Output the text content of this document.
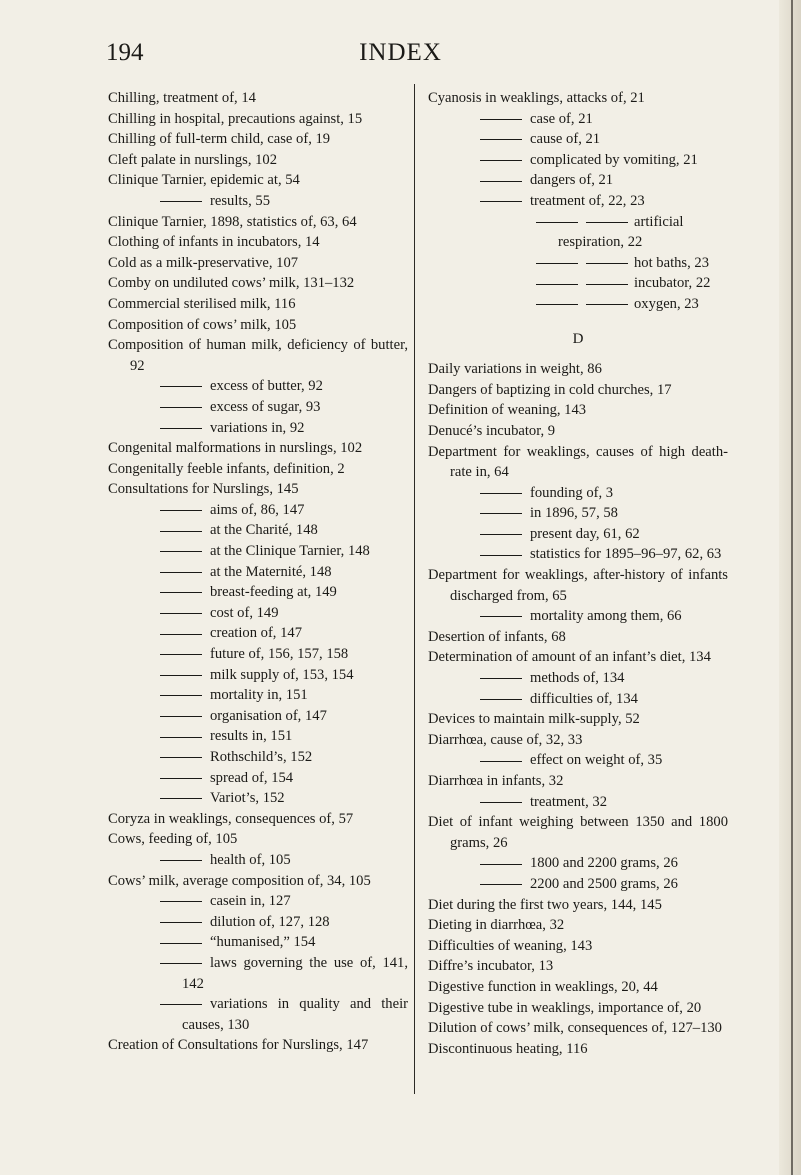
INDEX
194
Chilling, treatment of, 14
Chilling in hospital, precautions against, 15
Chilling of full-term child, case of, 19
Cleft palate in nurslings, 102
Clinique Tarnier, epidemic at, 54
results, 55
Clinique Tarnier, 1898, statistics of, 63, 64
Clothing of infants in incubators, 14
Cold as a milk-preservative, 107
Comby on undiluted cows’ milk, 131–132
Commercial sterilised milk, 116
Composition of cows’ milk, 105
Composition of human milk, deficiency of butter, 92
excess of butter, 92
excess of sugar, 93
variations in, 92
Congenital malformations in nurslings, 102
Congenitally feeble infants, definition, 2
Consultations for Nurslings, 145
aims of, 86, 147
at the Charité, 148
at the Clinique Tarnier, 148
at the Maternité, 148
breast-feeding at, 149
cost of, 149
creation of, 147
future of, 156, 157, 158
milk supply of, 153, 154
mortality in, 151
organisation of, 147
results in, 151
Rothschild’s, 152
spread of, 154
Variot’s, 152
Coryza in weaklings, consequences of, 57
Cows, feeding of, 105
health of, 105
Cows’ milk, average composition of, 34, 105
casein in, 127
dilution of, 127, 128
“humanised,” 154
laws governing the use of, 141, 142
variations in quality and their causes, 130
Creation of Consultations for Nurslings, 147
Cyanosis in weaklings, attacks of, 21
case of, 21
cause of, 21
complicated by vomiting, 21
dangers of, 21
treatment of, 22, 23
artificial respiration, 22
hot baths, 23
incubator, 22
oxygen, 23
D
Daily variations in weight, 86
Dangers of baptizing in cold churches, 17
Definition of weaning, 143
Denucé’s incubator, 9
Department for weaklings, causes of high death-rate in, 64
founding of, 3
in 1896, 57, 58
present day, 61, 62
statistics for 1895–96–97, 62, 63
Department for weaklings, after-history of infants discharged from, 65
mortality among them, 66
Desertion of infants, 68
Determination of amount of an infant’s diet, 134
methods of, 134
difficulties of, 134
Devices to maintain milk-supply, 52
Diarrhœa, cause of, 32, 33
effect on weight of, 35
Diarrhœa in infants, 32
treatment, 32
Diet of infant weighing between 1350 and 1800 grams, 26
1800 and 2200 grams, 26
2200 and 2500 grams, 26
Diet during the first two years, 144, 145
Dieting in diarrhœa, 32
Difficulties of weaning, 143
Diffre’s incubator, 13
Digestive function in weaklings, 20, 44
Digestive tube in weaklings, importance of, 20
Dilution of cows’ milk, consequences of, 127–130
Discontinuous heating, 116
